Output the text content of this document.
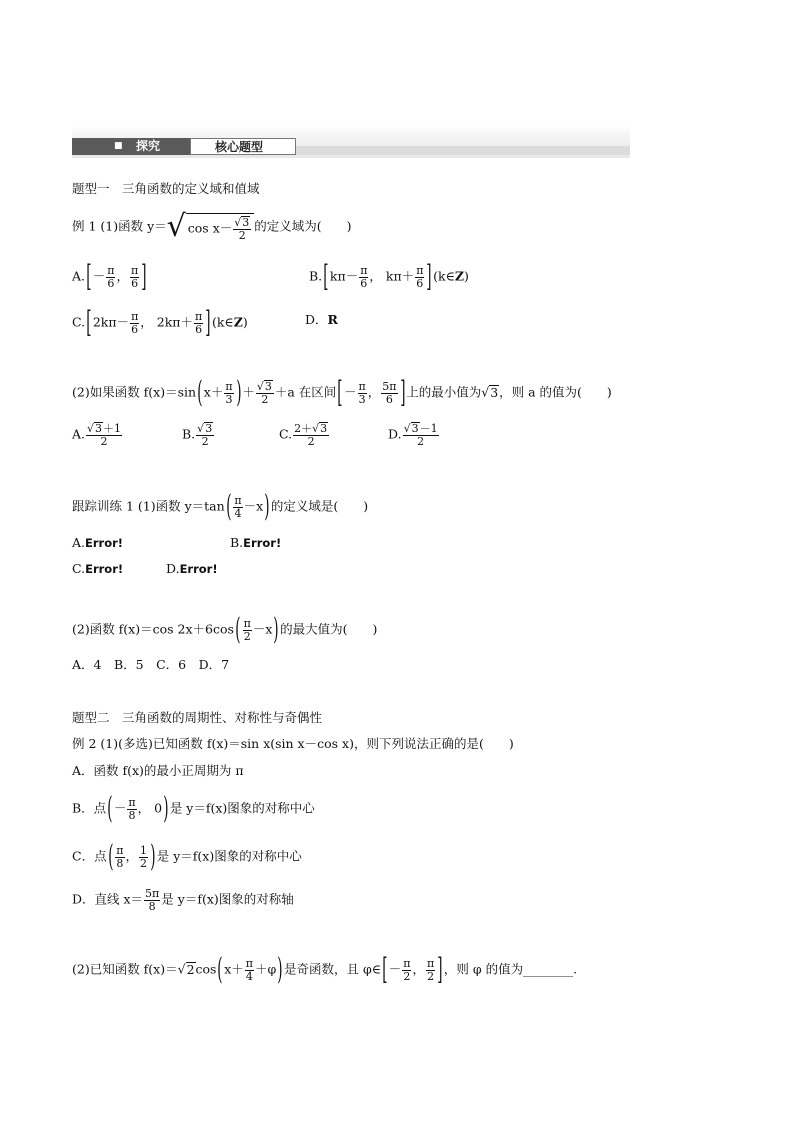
■ 探究	核心题型
题型一　三角函数的定义域和值域
例 1 (1)函数 y＝√ $\cos x- \frac{√3}{2}$ 的定义域为(　　)
$A.[- \frac{\pi}{6}$ ， $\frac{\pi}{6}$ ]	$B.[k\pi- \frac{\pi}{6}$ ， $k\pi+ \frac{\pi}{6}$ ](k∈Z)
$C.[2k\pi- \frac{\pi}{6}$ ， $2k\pi+ \frac{\pi}{6}$ ](k∈Z)	D．R
(2)如果函数 $f(x)=\sin(x+ \frac{\pi}{3}$ )＋ $\frac{√3}{2} +a$ 在区间[－ $\frac{\pi}{3}$ ， $\frac{5\pi}{6}$ ]上的最小值为√3，则 a 的值为(　　)
A. $\frac{√3+1}{2}$	B. $\frac{√3}{2}$	C. $\frac{2+√3}{2}$	D. $\frac{√3-1}{2}$
跟踪训练 1 (1)函数 $y=\tan( \frac{\pi}{4} -x)$的定义域是(　　)
A.Error!	B.Error!
C.Error!	D.Error!
(2)函数 f(x)＝cos $2x+6\cos( \frac{\pi}{2} -x)$的最大值为(　　)
A．4　B．5　C．6　D．7
题型二　三角函数的周期性、对称性与奇偶性
例 2 (1)(多选)已知函数 f(x)＝sin x(sin x－cos x)，则下列说法正确的是(　　)
A．函数 f(x)的最小正周期为 π
B．点(－ $\frac{\pi}{8}$ ， 0)是 y＝f(x)图象的对称中心
C．点( $\frac{\pi}{8}$ ， $\frac{1}{2}$ )是 y＝f(x)图象的对称中心
D．直线 $x= \frac{5\pi}{8}$ 是 y＝f(x)图象的对称轴
(2)已知函数 $f(x)=√2\cos(x+ \frac{\pi}{4} +\varphi)$是奇函数，且 φ∈[－ $\frac{\pi}{2}$ ， $\frac{\pi}{2}$ ]，则 φ 的值为________.
